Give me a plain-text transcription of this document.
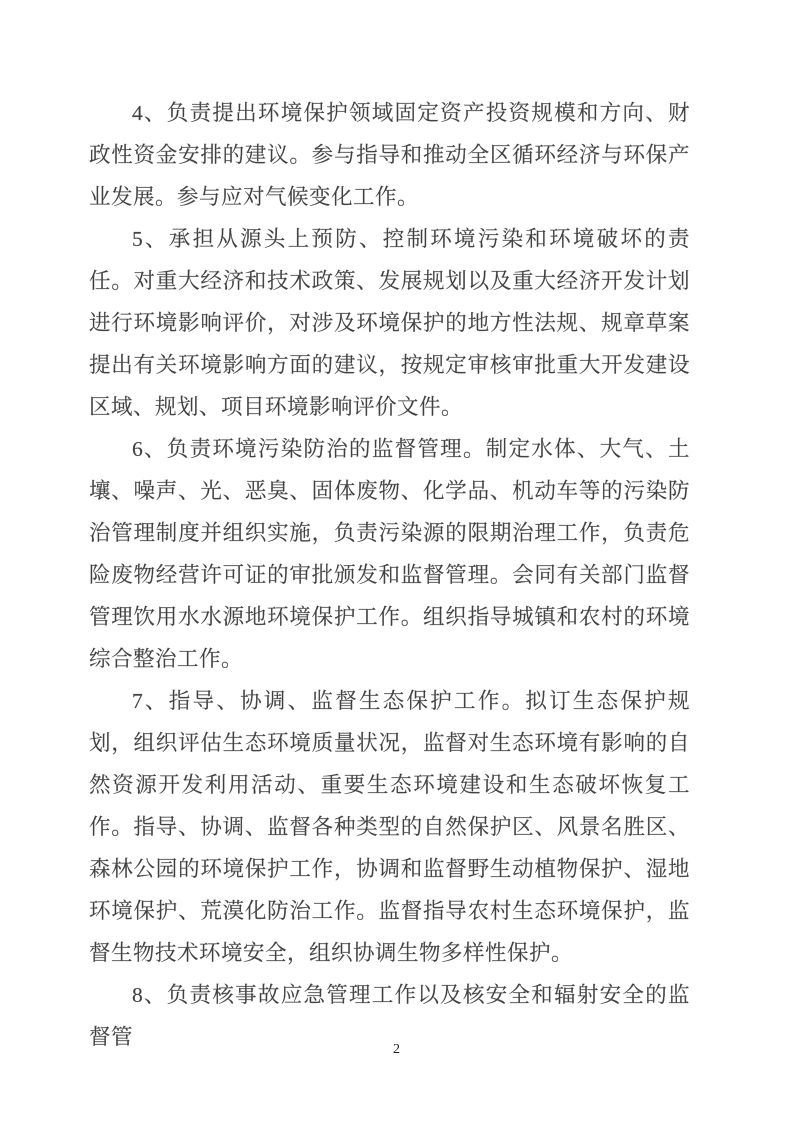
4、负责提出环境保护领域固定资产投资规模和方向、财政性资金安排的建议。参与指导和推动全区循环经济与环保产业发展。参与应对气候变化工作。

5、承担从源头上预防、控制环境污染和环境破坏的责任。对重大经济和技术政策、发展规划以及重大经济开发计划进行环境影响评价，对涉及环境保护的地方性法规、规章草案提出有关环境影响方面的建议，按规定审核审批重大开发建设区域、规划、项目环境影响评价文件。

6、负责环境污染防治的监督管理。制定水体、大气、土壤、噪声、光、恶臭、固体废物、化学品、机动车等的污染防治管理制度并组织实施，负责污染源的限期治理工作，负责危险废物经营许可证的审批颁发和监督管理。会同有关部门监督管理饮用水水源地环境保护工作。组织指导城镇和农村的环境综合整治工作。

7、指导、协调、监督生态保护工作。拟订生态保护规划，组织评估生态环境质量状况，监督对生态环境有影响的自然资源开发利用活动、重要生态环境建设和生态破坏恢复工作。指导、协调、监督各种类型的自然保护区、风景名胜区、森林公园的环境保护工作，协调和监督野生动植物保护、湿地环境保护、荒漠化防治工作。监督指导农村生态环境保护，监督生物技术环境安全，组织协调生物多样性保护。

8、负责核事故应急管理工作以及核安全和辐射安全的监督管

2
